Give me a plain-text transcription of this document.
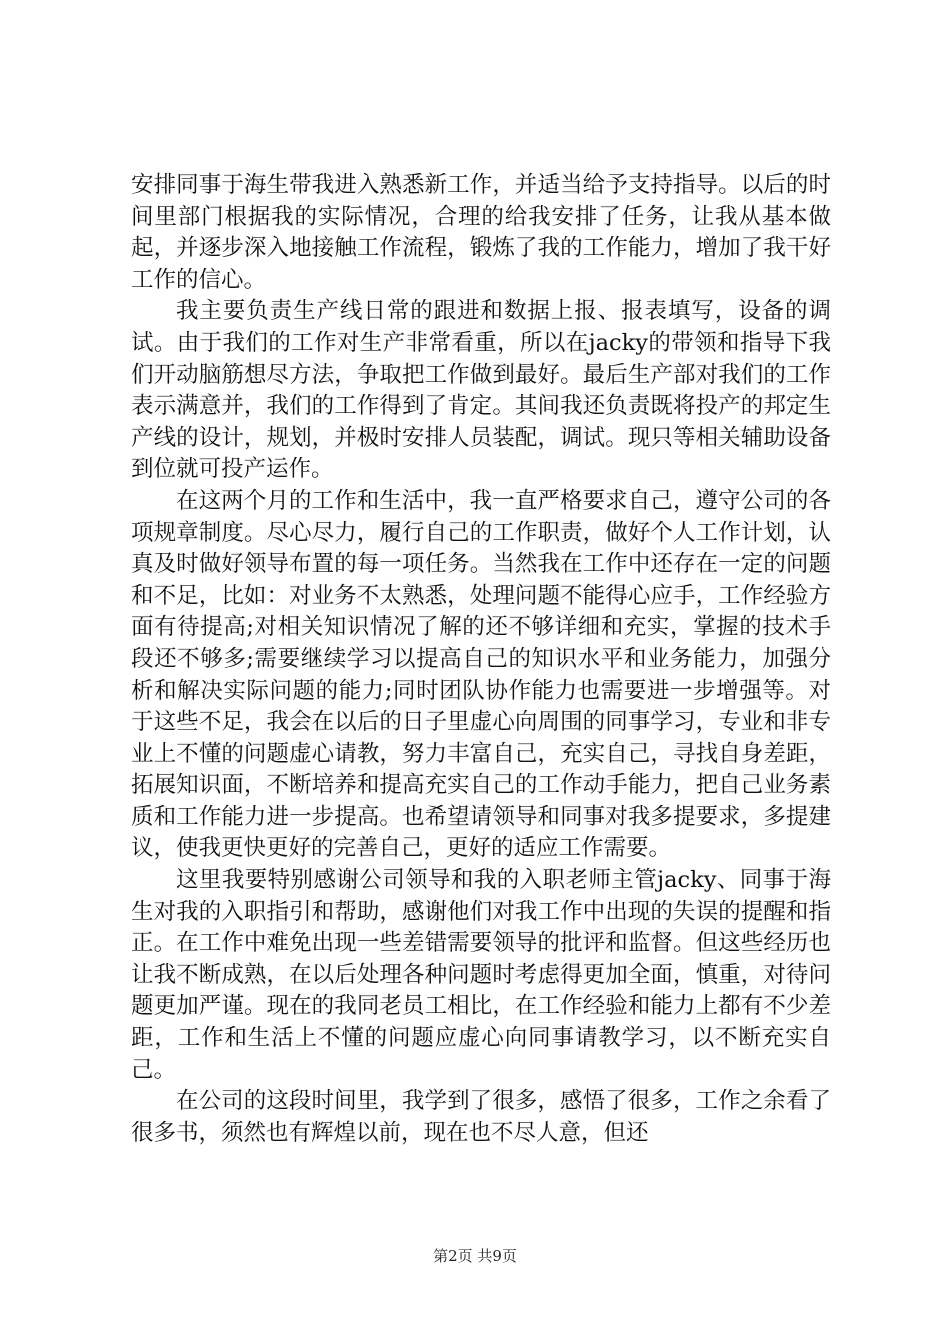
安排同事于海生带我进入熟悉新工作，并适当给予支持指导。以后的时间里部门根据我的实际情况，合理的给我安排了任务，让我从基本做起，并逐步深入地接触工作流程，锻炼了我的工作能力，增加了我干好工作的信心。

我主要负责生产线日常的跟进和数据上报、报表填写，设备的调试。由于我们的工作对生产非常看重，所以在jacky的带领和指导下我们开动脑筋想尽方法，争取把工作做到最好。最后生产部对我们的工作表示满意并，我们的工作得到了肯定。其间我还负责既将投产的邦定生产线的设计，规划，并极时安排人员装配，调试。现只等相关辅助设备到位就可投产运作。

在这两个月的工作和生活中，我一直严格要求自己，遵守公司的各项规章制度。尽心尽力，履行自己的工作职责，做好个人工作计划，认真及时做好领导布置的每一项任务。当然我在工作中还存在一定的问题和不足，比如：对业务不太熟悉，处理问题不能得心应手，工作经验方面有待提高;对相关知识情况了解的还不够详细和充实，掌握的技术手段还不够多;需要继续学习以提高自己的知识水平和业务能力，加强分析和解决实际问题的能力;同时团队协作能力也需要进一步增强等。对于这些不足，我会在以后的日子里虚心向周围的同事学习，专业和非专业上不懂的问题虚心请教，努力丰富自己，充实自己，寻找自身差距，拓展知识面，不断培养和提高充实自己的工作动手能力，把自己业务素质和工作能力进一步提高。也希望请领导和同事对我多提要求，多提建议，使我更快更好的完善自己，更好的适应工作需要。

这里我要特别感谢公司领导和我的入职老师主管jacky、同事于海生对我的入职指引和帮助，感谢他们对我工作中出现的失误的提醒和指正。在工作中难免出现一些差错需要领导的批评和监督。但这些经历也让我不断成熟，在以后处理各种问题时考虑得更加全面，慎重，对待问题更加严谨。现在的我同老员工相比，在工作经验和能力上都有不少差距，工作和生活上不懂的问题应虚心向同事请教学习，以不断充实自己。

在公司的这段时间里，我学到了很多，感悟了很多，工作之余看了很多书，须然也有辉煌以前，现在也不尽人意，但还

第2页 共9页
